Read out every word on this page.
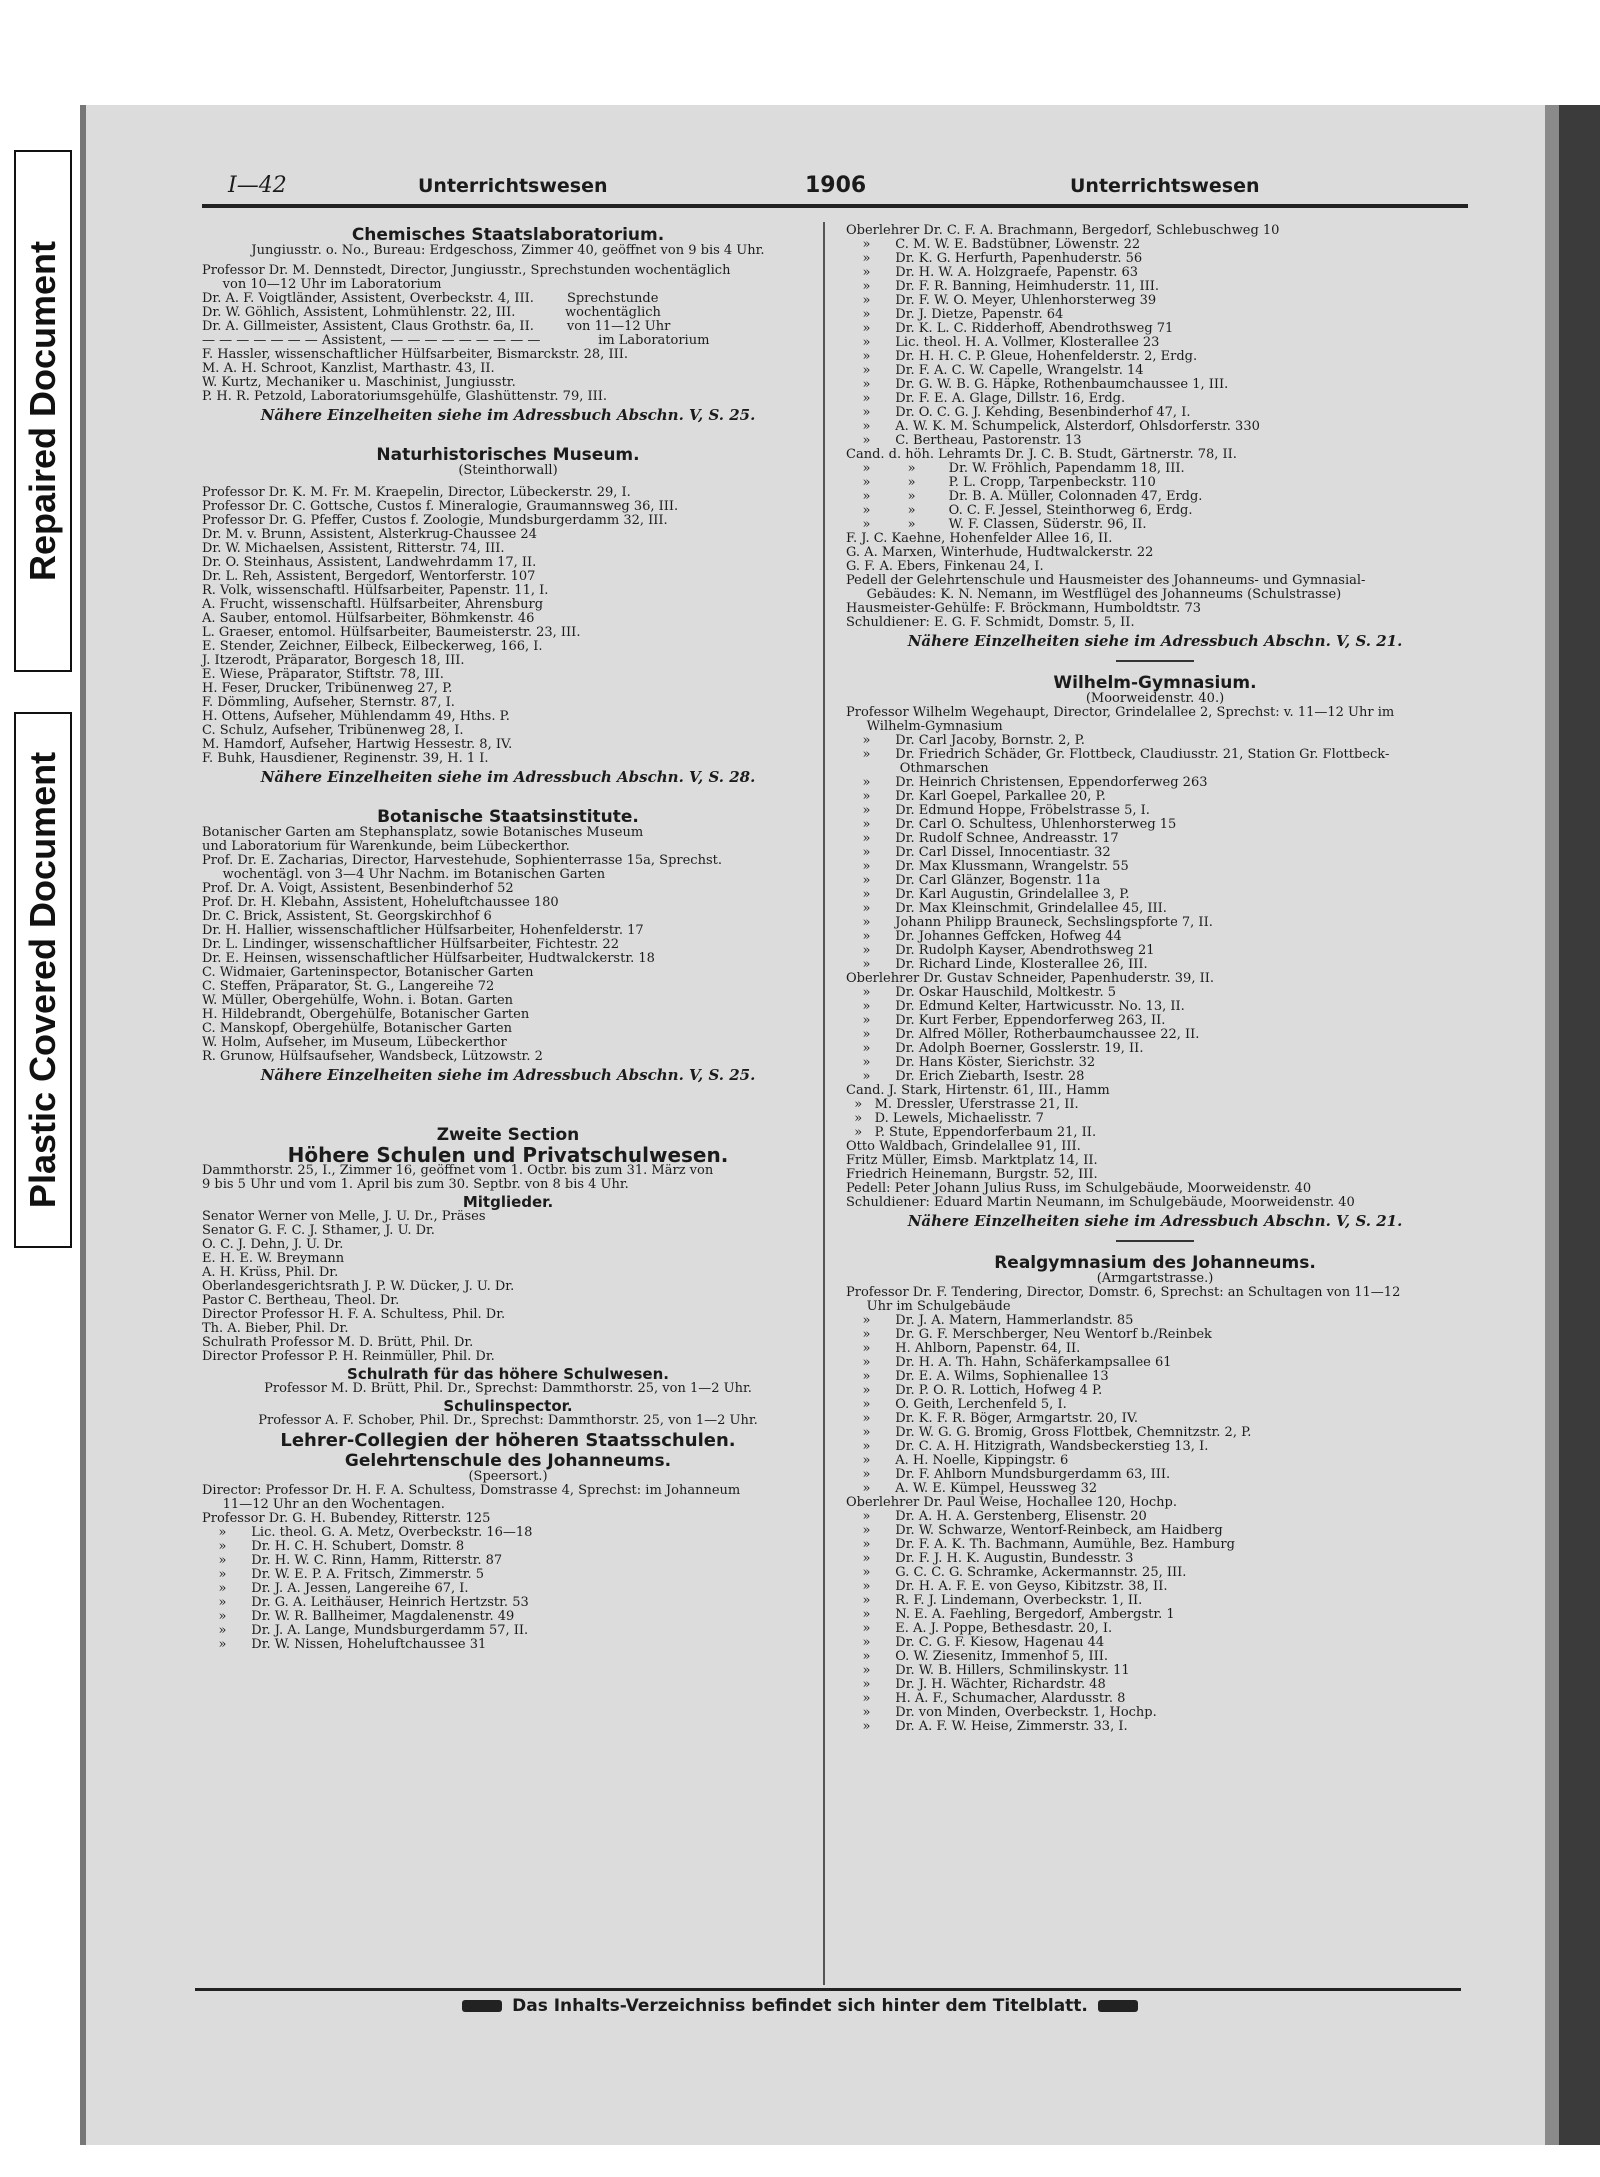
Repaired Document
Plastic Covered Document
I—42	Unterrichtswesen	1906	Unterrichtswesen
Chemisches Staatslaboratorium.
Jungiusstr. o. No., Bureau: Erdgeschoss, Zimmer 40, geöffnet von 9 bis 4 Uhr.
Professor Dr. M. Dennstedt, Director, Jungiusstr., Sprechstunden wochentäglich
von 10—12 Uhr im Laboratorium
Dr. A. F. Voigtländer, Assistent, Overbeckstr. 4, III.        Sprechstunde
Dr. W. Göhlich, Assistent, Lohmühlenstr. 22, III.            wochentäglich
Dr. A. Gillmeister, Assistent, Claus Grothstr. 6a, II.        von 11—12 Uhr
— — — — — — — Assistent, — — — — — — — — —              im Laboratorium
F. Hassler, wissenschaftlicher Hülfsarbeiter, Bismarckstr. 28, III.
M. A. H. Schroot, Kanzlist, Marthastr. 43, II.
W. Kurtz, Mechaniker u. Maschinist, Jungiusstr.
P. H. R. Petzold, Laboratoriumsgehülfe, Glashüttenstr. 79, III.
Nähere Einzelheiten siehe im Adressbuch Abschn. V, S. 25.
Naturhistorisches Museum.
(Steinthorwall)
Professor Dr. K. M. Fr. M. Kraepelin, Director, Lübeckerstr. 29, I.
Professor Dr. C. Gottsche, Custos f. Mineralogie, Graumannsweg 36, III.
Professor Dr. G. Pfeffer, Custos f. Zoologie, Mundsburgerdamm 32, III.
Dr. M. v. Brunn, Assistent, Alsterkrug-Chaussee 24
Dr. W. Michaelsen, Assistent, Ritterstr. 74, III.
Dr. O. Steinhaus, Assistent, Landwehrdamm 17, II.
Dr. L. Reh, Assistent, Bergedorf, Wentorferstr. 107
R. Volk, wissenschaftl. Hülfsarbeiter, Papenstr. 11, I.
A. Frucht, wissenschaftl. Hülfsarbeiter, Ahrensburg
A. Sauber, entomol. Hülfsarbeiter, Böhmkenstr. 46
L. Graeser, entomol. Hülfsarbeiter, Baumeisterstr. 23, III.
E. Stender, Zeichner, Eilbeck, Eilbeckerweg, 166, I.
J. Itzerodt, Präparator, Borgesch 18, III.
E. Wiese, Präparator, Stiftstr. 78, III.
H. Feser, Drucker, Tribünenweg 27, P.
F. Dömmling, Aufseher, Sternstr. 87, I.
H. Ottens, Aufseher, Mühlendamm 49, Hths. P.
C. Schulz, Aufseher, Tribünenweg 28, I.
M. Hamdorf, Aufseher, Hartwig Hessestr. 8, IV.
F. Buhk, Hausdiener, Reginenstr. 39, H. 1 I.
Nähere Einzelheiten siehe im Adressbuch Abschn. V, S. 28.
Botanische Staatsinstitute.
Botanischer Garten am Stephansplatz, sowie Botanisches Museum
und Laboratorium für Warenkunde, beim Lübeckerthor.
Prof. Dr. E. Zacharias, Director, Harvestehude, Sophienterrasse 15a, Sprechst.
wochentägl. von 3—4 Uhr Nachm. im Botanischen Garten
Prof. Dr. A. Voigt, Assistent, Besenbinderhof 52
Prof. Dr. H. Klebahn, Assistent, Hoheluftchaussee 180
Dr. C. Brick, Assistent, St. Georgskirchhof 6
Dr. H. Hallier, wissenschaftlicher Hülfsarbeiter, Hohenfelderstr. 17
Dr. L. Lindinger, wissenschaftlicher Hülfsarbeiter, Fichtestr. 22
Dr. E. Heinsen, wissenschaftlicher Hülfsarbeiter, Hudtwalckerstr. 18
C. Widmaier, Garteninspector, Botanischer Garten
C. Steffen, Präparator, St. G., Langereihe 72
W. Müller, Obergehülfe, Wohn. i. Botan. Garten
H. Hildebrandt, Obergehülfe, Botanischer Garten
C. Manskopf, Obergehülfe, Botanischer Garten
W. Holm, Aufseher, im Museum, Lübeckerthor
R. Grunow, Hülfsaufseher, Wandsbeck, Lützowstr. 2
Nähere Einzelheiten siehe im Adressbuch Abschn. V, S. 25.
Zweite Section
Höhere Schulen und Privatschulwesen.
Dammthorstr. 25, I., Zimmer 16, geöffnet vom 1. Octbr. bis zum 31. März von
9 bis 5 Uhr und vom 1. April bis zum 30. Septbr. von 8 bis 4 Uhr.
Mitglieder.
Senator Werner von Melle, J. U. Dr., Präses
Senator G. F. C. J. Sthamer, J. U. Dr.
O. C. J. Dehn, J. U. Dr.
E. H. E. W. Breymann
A. H. Krüss, Phil. Dr.
Oberlandesgerichtsrath J. P. W. Dücker, J. U. Dr.
Pastor C. Bertheau, Theol. Dr.
Director Professor H. F. A. Schultess, Phil. Dr.
Th. A. Bieber, Phil. Dr.
Schulrath Professor M. D. Brütt, Phil. Dr.
Director Professor P. H. Reinmüller, Phil. Dr.
Schulrath für das höhere Schulwesen.
Professor M. D. Brütt, Phil. Dr., Sprechst: Dammthorstr. 25, von 1—2 Uhr.
Schulinspector.
Professor A. F. Schober, Phil. Dr., Sprechst: Dammthorstr. 25, von 1—2 Uhr.
Lehrer-Collegien der höheren Staatsschulen.
Gelehrtenschule des Johanneums.
(Speersort.)
Director: Professor Dr. H. F. A. Schultess, Domstrasse 4, Sprechst: im Johanneum
11—12 Uhr an den Wochentagen.
Professor Dr. G. H. Bubendey, Ritterstr. 125
»      Lic. theol. G. A. Metz, Overbeckstr. 16—18
»      Dr. H. C. H. Schubert, Domstr. 8
»      Dr. H. W. C. Rinn, Hamm, Ritterstr. 87
»      Dr. W. E. P. A. Fritsch, Zimmerstr. 5
»      Dr. J. A. Jessen, Langereihe 67, I.
»      Dr. G. A. Leithäuser, Heinrich Hertzstr. 53
»      Dr. W. R. Ballheimer, Magdalenenstr. 49
»      Dr. J. A. Lange, Mundsburgerdamm 57, II.
»      Dr. W. Nissen, Hoheluftchaussee 31
Oberlehrer Dr. C. F. A. Brachmann, Bergedorf, Schlebuschweg 10
»      C. M. W. E. Badstübner, Löwenstr. 22
»      Dr. K. G. Herfurth, Papenhuderstr. 56
»      Dr. H. W. A. Holzgraefe, Papenstr. 63
»      Dr. F. R. Banning, Heimhuderstr. 11, III.
»      Dr. F. W. O. Meyer, Uhlenhorsterweg 39
»      Dr. J. Dietze, Papenstr. 64
»      Dr. K. L. C. Ridderhoff, Abendrothsweg 71
»      Lic. theol. H. A. Vollmer, Klosterallee 23
»      Dr. H. H. C. P. Gleue, Hohenfelderstr. 2, Erdg.
»      Dr. F. A. C. W. Capelle, Wrangelstr. 14
»      Dr. G. W. B. G. Häpke, Rothenbaumchaussee 1, III.
»      Dr. F. E. A. Glage, Dillstr. 16, Erdg.
»      Dr. O. C. G. J. Kehding, Besenbinderhof 47, I.
»      A. W. K. M. Schumpelick, Alsterdorf, Ohlsdorferstr. 330
»      C. Bertheau, Pastorenstr. 13
Cand. d. höh. Lehramts Dr. J. C. B. Studt, Gärtnerstr. 78, II.
»         »        Dr. W. Fröhlich, Papendamm 18, III.
»         »        P. L. Cropp, Tarpenbeckstr. 110
»         »        Dr. B. A. Müller, Colonnaden 47, Erdg.
»         »        O. C. F. Jessel, Steinthorweg 6, Erdg.
»         »        W. F. Classen, Süderstr. 96, II.
F. J. C. Kaehne, Hohenfelder Allee 16, II.
G. A. Marxen, Winterhude, Hudtwalckerstr. 22
G. F. A. Ebers, Finkenau 24, I.
Pedell der Gelehrtenschule und Hausmeister des Johanneums- und Gymnasial-
Gebäudes: K. N. Nemann, im Westflügel des Johanneums (Schulstrasse)
Hausmeister-Gehülfe: F. Bröckmann, Humboldtstr. 73
Schuldiener: E. G. F. Schmidt, Domstr. 5, II.
Nähere Einzelheiten siehe im Adressbuch Abschn. V, S. 21.
Wilhelm-Gymnasium.
(Moorweidenstr. 40.)
Professor Wilhelm Wegehaupt, Director, Grindelallee 2, Sprechst: v. 11—12 Uhr im
Wilhelm-Gymnasium
»      Dr. Carl Jacoby, Bornstr. 2, P.
»      Dr. Friedrich Schäder, Gr. Flottbeck, Claudiusstr. 21, Station Gr. Flottbeck-
Othmarschen
»      Dr. Heinrich Christensen, Eppendorferweg 263
»      Dr. Karl Goepel, Parkallee 20, P.
»      Dr. Edmund Hoppe, Fröbelstrasse 5, I.
»      Dr. Carl O. Schultess, Uhlenhorsterweg 15
»      Dr. Rudolf Schnee, Andreasstr. 17
»      Dr. Carl Dissel, Innocentiastr. 32
»      Dr. Max Klussmann, Wrangelstr. 55
»      Dr. Carl Glänzer, Bogenstr. 11a
»      Dr. Karl Augustin, Grindelallee 3, P.
»      Dr. Max Kleinschmit, Grindelallee 45, III.
»      Johann Philipp Brauneck, Sechslingspforte 7, II.
»      Dr. Johannes Geffcken, Hofweg 44
»      Dr. Rudolph Kayser, Abendrothsweg 21
»      Dr. Richard Linde, Klosterallee 26, III.
Oberlehrer Dr. Gustav Schneider, Papenhuderstr. 39, II.
»      Dr. Oskar Hauschild, Moltkestr. 5
»      Dr. Edmund Kelter, Hartwicusstr. No. 13, II.
»      Dr. Kurt Ferber, Eppendorferweg 263, II.
»      Dr. Alfred Möller, Rotherbaumchaussee 22, II.
»      Dr. Adolph Boerner, Gosslerstr. 19, II.
»      Dr. Hans Köster, Sierichstr. 32
»      Dr. Erich Ziebarth, Isestr. 28
Cand. J. Stark, Hirtenstr. 61, III., Hamm
»   M. Dressler, Uferstrasse 21, II.
»   D. Lewels, Michaelisstr. 7
»   P. Stute, Eppendorferbaum 21, II.
Otto Waldbach, Grindelallee 91, III.
Fritz Müller, Eimsb. Marktplatz 14, II.
Friedrich Heinemann, Burgstr. 52, III.
Pedell: Peter Johann Julius Russ, im Schulgebäude, Moorweidenstr. 40
Schuldiener: Eduard Martin Neumann, im Schulgebäude, Moorweidenstr. 40
Nähere Einzelheiten siehe im Adressbuch Abschn. V, S. 21.
Realgymnasium des Johanneums.
(Armgartstrasse.)
Professor Dr. F. Tendering, Director, Domstr. 6, Sprechst: an Schultagen von 11—12
Uhr im Schulgebäude
»      Dr. J. A. Matern, Hammerlandstr. 85
»      Dr. G. F. Merschberger, Neu Wentorf b./Reinbek
»      H. Ahlborn, Papenstr. 64, II.
»      Dr. H. A. Th. Hahn, Schäferkampsallee 61
»      Dr. E. A. Wilms, Sophienallee 13
»      Dr. P. O. R. Lottich, Hofweg 4 P.
»      O. Geith, Lerchenfeld 5, I.
»      Dr. K. F. R. Böger, Armgartstr. 20, IV.
»      Dr. W. G. G. Bromig, Gross Flottbek, Chemnitzstr. 2, P.
»      Dr. C. A. H. Hitzigrath, Wandsbeckerstieg 13, I.
»      A. H. Noelle, Kippingstr. 6
»      Dr. F. Ahlborn Mundsburgerdamm 63, III.
»      A. W. E. Kümpel, Heussweg 32
Oberlehrer Dr. Paul Weise, Hochallee 120, Hochp.
»      Dr. A. H. A. Gerstenberg, Elisenstr. 20
»      Dr. W. Schwarze, Wentorf-Reinbeck, am Haidberg
»      Dr. F. A. K. Th. Bachmann, Aumühle, Bez. Hamburg
»      Dr. F. J. H. K. Augustin, Bundesstr. 3
»      G. C. C. G. Schramke, Ackermannstr. 25, III.
»      Dr. H. A. F. E. von Geyso, Kibitzstr. 38, II.
»      R. F. J. Lindemann, Overbeckstr. 1, II.
»      N. E. A. Faehling, Bergedorf, Ambergstr. 1
»      E. A. J. Poppe, Bethesdastr. 20, I.
»      Dr. C. G. F. Kiesow, Hagenau 44
»      O. W. Ziesenitz, Immenhof 5, III.
»      Dr. W. B. Hillers, Schmilinskystr. 11
»      Dr. J. H. Wächter, Richardstr. 48
»      H. A. F., Schumacher, Alardusstr. 8
»      Dr. von Minden, Overbeckstr. 1, Hochp.
»      Dr. A. F. W. Heise, Zimmerstr. 33, I.
Das Inhalts-Verzeichniss befindet sich hinter dem Titelblatt.
